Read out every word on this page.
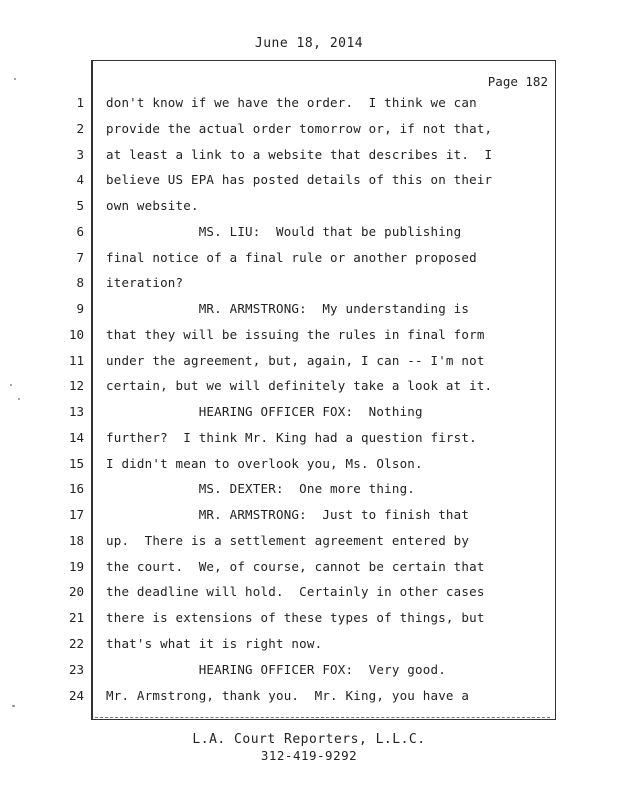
June 18, 2014
Page 182
1 don't know if we have the order.  I think we can
2 provide the actual order tomorrow or, if not that,
3 at least a link to a website that describes it.  I
4 believe US EPA has posted details of this on their
5 own website.
6 MS. LIU:  Would that be publishing
7 final notice of a final rule or another proposed
8 iteration?
9 MR. ARMSTRONG:  My understanding is
10 that they will be issuing the rules in final form
11 under the agreement, but, again, I can -- I'm not
12 certain, but we will definitely take a look at it.
13 HEARING OFFICER FOX:  Nothing
14 further?  I think Mr. King had a question first.
15 I didn't mean to overlook you, Ms. Olson.
16 MS. DEXTER:  One more thing.
17 MR. ARMSTRONG:  Just to finish that
18 up.  There is a settlement agreement entered by
19 the court.  We, of course, cannot be certain that
20 the deadline will hold.  Certainly in other cases
21 there is extensions of these types of things, but
22 that's what it is right now.
23 HEARING OFFICER FOX:  Very good.
24 Mr. Armstrong, thank you.  Mr. King, you have a
L.A. Court Reporters, L.L.C.
312-419-9292
